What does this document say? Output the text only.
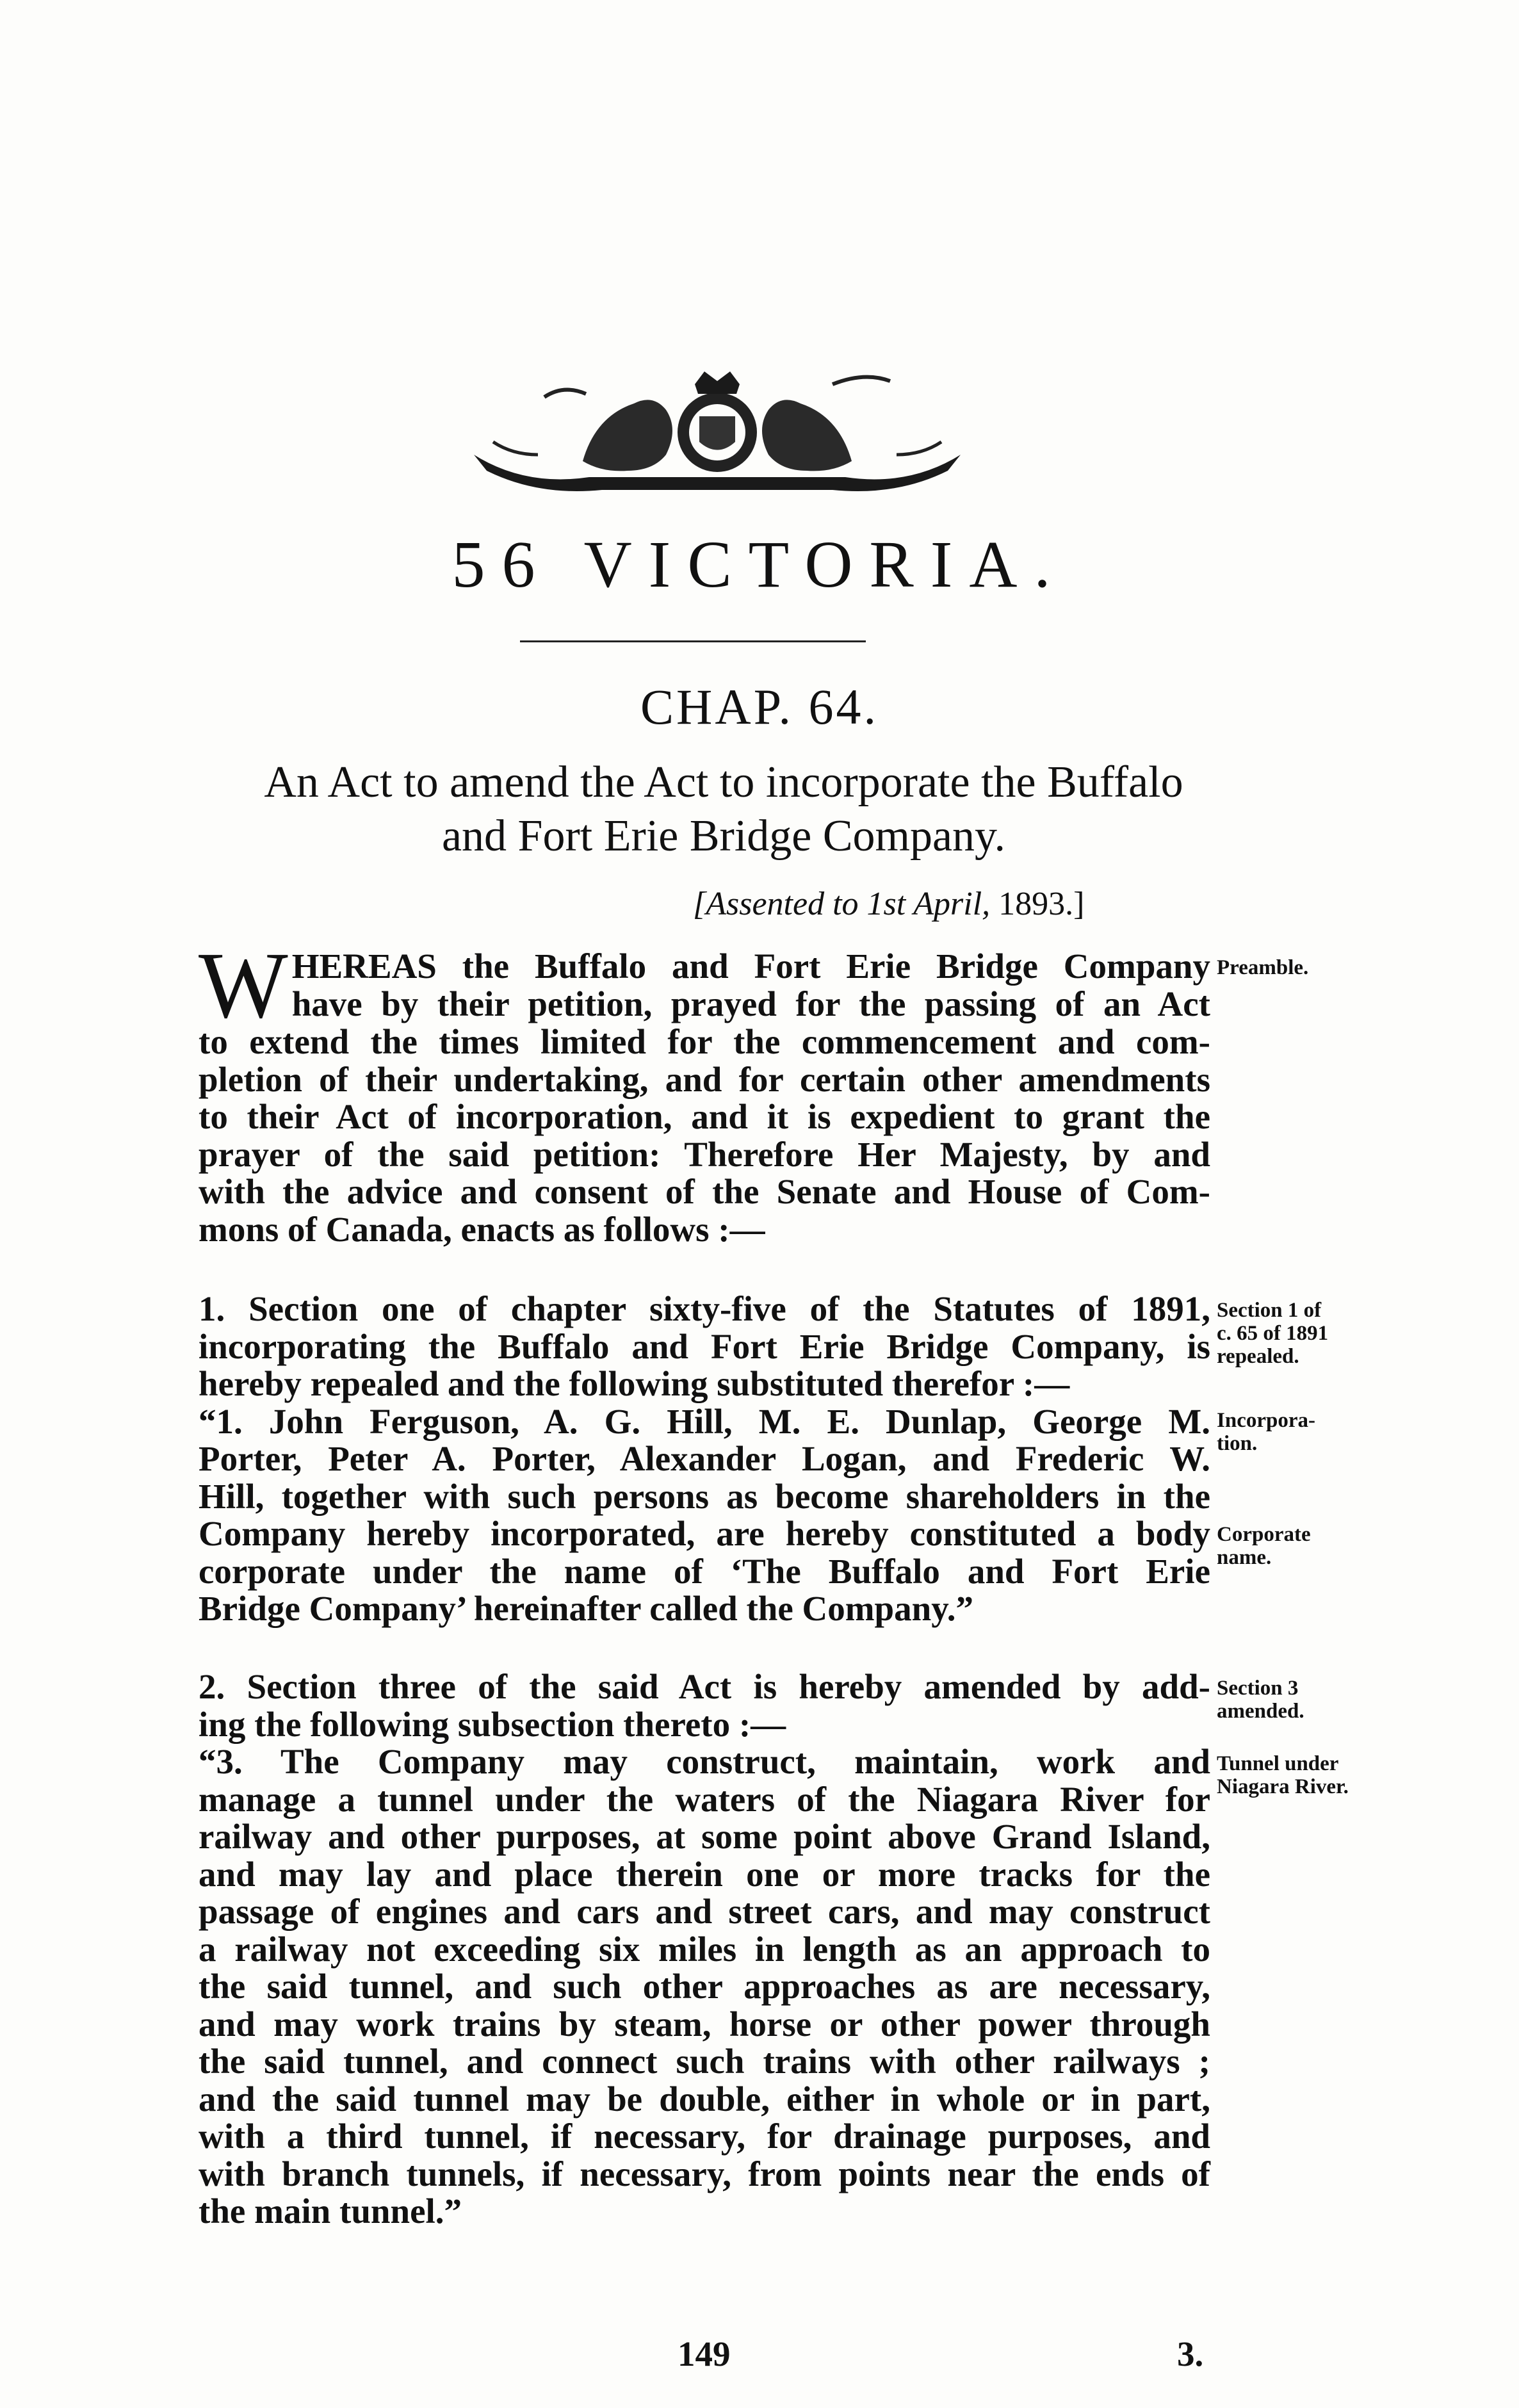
56 VICTORIA.
CHAP. 64.
An Act to amend the Act to incorporate the Buffalo
and Fort Erie Bridge Company.
[Assented to 1st April, 1893.]
W HEREAS the Buffalo and Fort Erie Bridge Company
have by their petition, prayed for the passing of an Act
to extend the times limited for the commencement and com-
pletion of their undertaking, and for certain other amendments
to their Act of incorporation, and it is expedient to grant the
prayer of the said petition: Therefore Her Majesty, by and
with the advice and consent of the Senate and House of Com-
mons of Canada, enacts as follows :—
1. Section one of chapter sixty-five of the Statutes of 1891,
incorporating the Buffalo and Fort Erie Bridge Company, is
hereby repealed and the following substituted therefor :—
“1. John Ferguson, A. G. Hill, M. E. Dunlap, George M.
Porter, Peter A. Porter, Alexander Logan, and Frederic W.
Hill, together with such persons as become shareholders in the
Company hereby incorporated, are hereby constituted a body
corporate under the name of ‘The Buffalo and Fort Erie
Bridge Company’ hereinafter called the Company.”
2. Section three of the said Act is hereby amended by add-
ing the following subsection thereto :—
“3. The Company may construct, maintain, work and
manage a tunnel under the waters of the Niagara River for
railway and other purposes, at some point above Grand Island,
and may lay and place therein one or more tracks for the
passage of engines and cars and street cars, and may construct
a railway not exceeding six miles in length as an approach to
the said tunnel, and such other approaches as are necessary,
and may work trains by steam, horse or other power through
the said tunnel, and connect such trains with other railways ;
and the said tunnel may be double, either in whole or in part,
with a third tunnel, if necessary, for drainage purposes, and
with branch tunnels, if necessary, from points near the ends of
the main tunnel.”
Preamble.
Section 1 of
c. 65 of 1891
repealed.
Incorpora-
tion.
Corporate
name.
Section 3
amended.
Tunnel under
Niagara River.
149	3.
